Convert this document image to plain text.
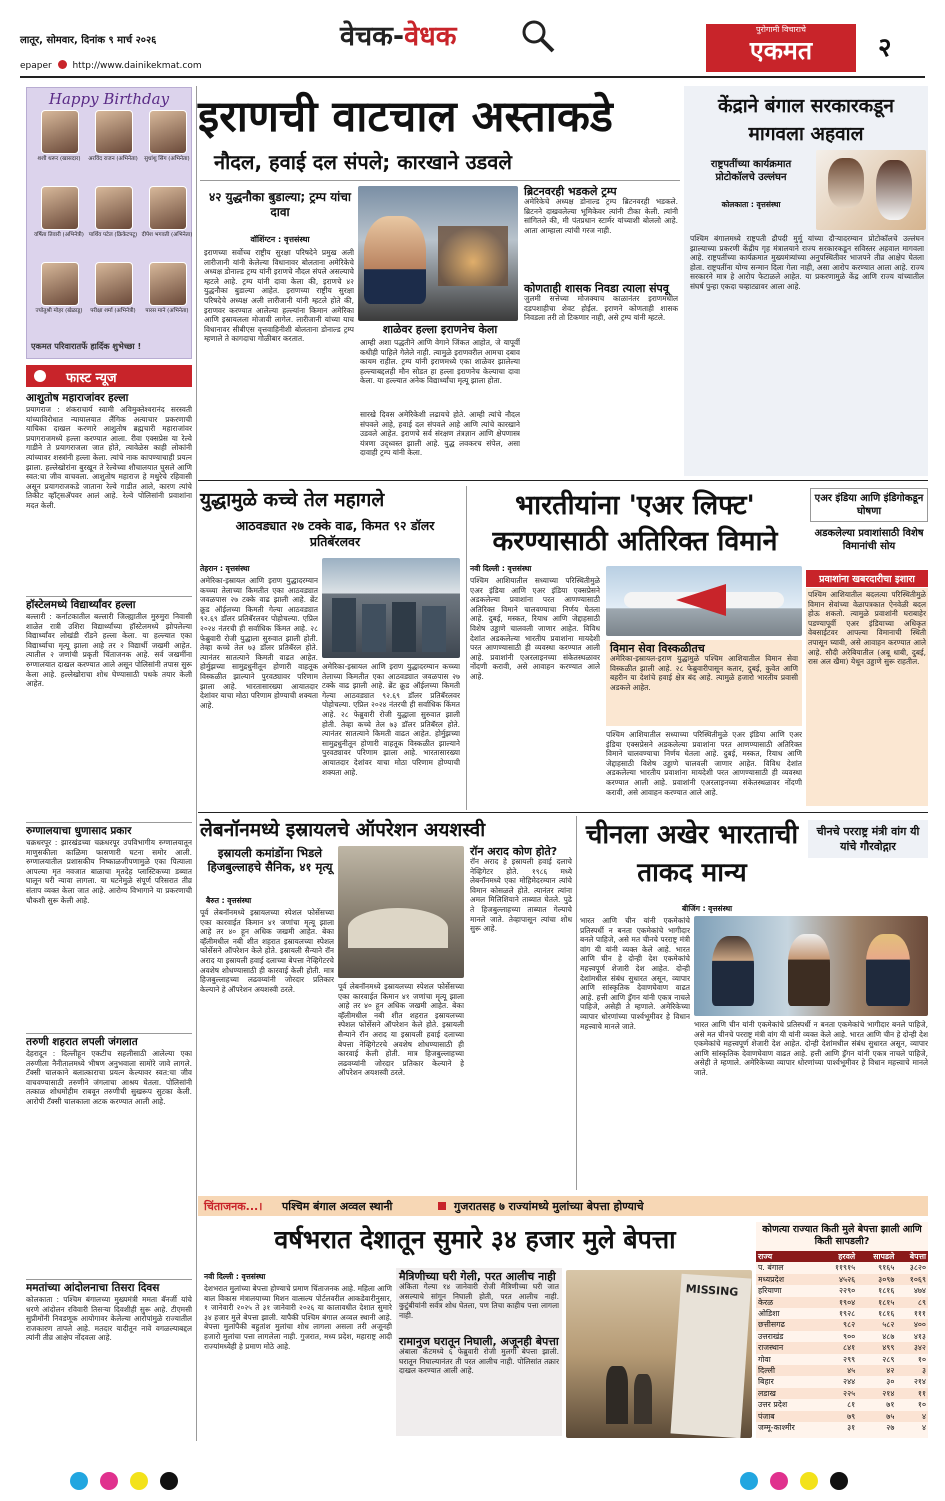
लातूर, सोमवार, दिनांक ९ मार्च २०२६
epaper http://www.dainikekmat.com
वेचक-वेधक	पुरोगामी विचाराचे
एकमत	२
Happy Birthday
एकमत परिवारातर्फे हार्दिक शुभेच्छा !
शशी थरूर (खासदार)	अरविंद राजन (अभिनेता)	सुधांशु सिंग (अभिनेता)
वर्षिता तिवारी (अभिनेत्री) पार्थिव पटेल (क्रिकेटपटू) दीपेश भगवती (अभिनेता)
ज्योतुश्री मोहर (खेळाडू)	परीक्षा शर्मा (अभिनेत्री)	पारस माने (अभिनेता)
फास्ट न्यूज
आशुतोष महाराजांवर हल्ला
प्रयागराज : शंकराचार्य स्वामी अविमुक्तेश्वरानंद सरस्वती यांच्याविरोधात न्यायालयात लैंगिक अत्याचार प्रकरणाची याचिका दाखल करणारे आशुतोष ब्रह्मचारी महाराजांवर प्रयागराजमध्ये हल्ला करण्यात आला. रीवा एक्सप्रेस या रेल्वे गाडीने ते प्रयागराजला जात होते, त्यावेळेस काही लोकांनी त्यांच्यावर शस्त्रांनी हल्ला केला. त्यांचे नाक कापण्याचाही प्रयत्न झाला. हल्लेखोरांना बुरखून ते रेल्वेच्या शौचालयात घुसले आणि स्वत:चा जीव वाचवला. आशुतोष महाराज हे मथुरेचे रहिवासी असून प्रयागराजकडे जाताना रेल्वे गाडीत आले, कारण त्यांचे तिकीट व्हॉट्सॲपवर आलं आहे. रेल्वे पोलिसांनी प्रवाशांना मदत केली.
हॉस्टेलमध्ये विद्यार्थ्यांवर हल्ला
बल्लारी : कर्नाटकातील बल्लारी जिल्ह्यातील मुरुमुरा निवासी शाळेत रात्री उशिरा विद्यार्थ्यांच्या हॉस्टेलमध्ये झोपलेल्या विद्यार्थ्यांवर लोखंडी रॉडने हल्ला केला. या हल्ल्यात एका विद्यार्थ्याचा मृत्यू झाला आहे तर २ विद्यार्थी जखमी आहेत. त्यातील २ जणांची प्रकृती चिंताजनक आहे. सर्व जखमींना रुग्णालयात दाखल करण्यात आले असून पोलिसांनी तपास सुरू केला आहे. हल्लेखोराचा शोध घेण्यासाठी पथके तयार केली आहेत.
रुग्णालयाचा धुणासाद प्रकार
चक्रधरपूर : झारखंडच्या चक्रधरपूर उपविभागीय रुग्णालयातून माणुसकीला काळिमा फासणारी घटना समोर आली. रुग्णालयातील प्रशासकीय निष्काळजीपणामुळे एका पित्याला आपल्या मृत नवजात बाळाचा मृतदेह प्लास्टिकच्या डब्यात घालून घरी न्यावा लागला. या घटनेमुळे संपूर्ण परिसरात तीव्र संताप व्यक्त केला जात आहे. आरोग्य विभागाने या प्रकरणाची चौकशी सुरू केली आहे.
तरुणी शहरात लपली जंगलात
देहरादून : दिल्लीहून एकटीच सहलीसाठी आलेल्या एका तरुणीला नैनीतालमध्ये भीषण अनुभवाला सामोरे जावे लागले. टॅक्सी चालकाने बलात्काराचा प्रयत्न केल्यावर स्वत:चा जीव वाचवण्यासाठी तरुणीने जंगलाचा आश्रय घेतला. पोलिसांनी तत्काळ शोधमोहीम राबवून तरुणीची सुखरूप सुटका केली. आरोपी टॅक्सी चालकाला अटक करण्यात आली आहे.
ममतांच्या आंदोलनाचा तिसरा दिवस
कोलकाता : पश्चिम बंगालच्या मुख्यमंत्री ममता बॅनर्जी यांचे धरणे आंदोलन रविवारी तिसऱ्या दिवशीही सुरू आहे. टीएमसी सुप्रीमोंनी निवडणूक आयोगावर केलेल्या आरोपांमुळे राज्यातील राजकारण तापले आहे. मतदार यादीतून नावे वगळल्याबद्दल त्यांनी तीव्र आक्षेप नोंदवला आहे.
इराणची वाटचाल अस्ताकडे
नौदल, हवाई दल संपले; कारखाने उडवले
४२ युद्धनौका बुडाल्या; ट्रम्प यांचा दावा
वॉशिंग्टन : वृत्तसंस्था
इराणच्या सर्वोच्च राष्ट्रीय सुरक्षा परिषदेने प्रमुख अली लारीजानी यांनी केलेल्या विधानावर बोलताना अमेरिकेचे अध्यक्ष डोनाल्ड ट्रम्प यांनी इराणचे नौदल संपले असल्याचे म्हटले आहे. ट्रम्प यांनी दावा केला की, इराणचे ४२ युद्धनौका बुडाल्या आहेत. इराणच्या राष्ट्रीय सुरक्षा परिषदेचे अध्यक्ष अली लारीजानी यांनी म्हटले होते की, इराणवर करण्यात आलेल्या हल्ल्यांना किमान अमेरिका आणि इस्रायलला मोजावी लागेल. लारीजानी यांच्या याच विधानावर सीबीएस वृत्तवाहिनीशी बोलताना डोनाल्ड ट्रम्प म्हणाले ते कागदाचा गोळीबार करतात.
शाळेवर हल्ला इराणनेच केला
आम्ही अशा पद्धतीने आणि वेगाने जिंकत आहोत, जे यापूर्वी कधीही पाहिले गेलेले नाही. त्यामुळे इराणवरील आमचा दबाव कायम राहील. ट्रम्प यांनी इराणमध्ये एका शाळेवर झालेल्या हल्ल्याबद्दलही मौन सोडत हा हल्ला इराणनेच केल्याचा दावा केला. या हल्ल्यात अनेक विद्यार्थ्यांचा मृत्यू झाला होता.
सारखे दिवस अमेरिकेशी लढायचे होते. आम्ही त्यांचे नौदल संपवले आहे, हवाई दल संपवले आहे आणि त्यांचे कारखाने उडवले आहेत. इराणचे सर्व संरक्षण तंत्रज्ञान आणि क्षेपणास्त्र यंत्रणा उद्ध्वस्त झाली आहे. युद्ध लवकरच संपेल, असा दावाही ट्रम्प यांनी केला.
ब्रिटनवरही भडकले ट्रम्प
अमेरिकेचे अध्यक्ष डोनाल्ड ट्रम्प ब्रिटनवरही भडकले. ब्रिटनने दाखवलेल्या भूमिकेवर त्यांनी टीका केली. त्यांनी सांगितले की, मी पंतप्रधान स्टार्मर यांच्याशी बोललो आहे. आता आम्हाला त्यांची गरज नाही.
कोणताही शासक निवडा त्याला संपवू
जुलमी सत्तेच्या मोजक्याच काळानंतर इराणमधील दडपशाहीचा शेवट होईल. इराणने कोणताही शासक निवडला तरी तो टिकणार नाही, असे ट्रम्प यांनी म्हटले.
केंद्राने बंगाल सरकारकडून मागवला अहवाल
राष्ट्रपतींच्या कार्यक्रमात प्रोटोकॉलचे उल्लंघन
कोलकाता : वृत्तसंस्था
पश्चिम बंगालमध्ये राष्ट्रपती द्रौपदी मुर्मू यांच्या दौऱ्यादरम्यान प्रोटोकॉलचे उल्लंघन झाल्याच्या प्रकरणी केंद्रीय गृह मंत्रालयाने राज्य सरकारकडून सविस्तर अहवाल मागवला आहे. राष्ट्रपतींच्या कार्यक्रमात मुख्यमंत्र्यांच्या अनुपस्थितीवर भाजपने तीव्र आक्षेप घेतला होता. राष्ट्रपतींना योग्य सन्मान दिला गेला नाही, असा आरोप करण्यात आला आहे. राज्य सरकारने मात्र हे आरोप फेटाळले आहेत. या प्रकरणामुळे केंद्र आणि राज्य यांच्यातील संघर्ष पुन्हा एकदा चव्हाट्यावर आला आहे.
युद्धामुळे कच्चे तेल महागले
आठवड्यात २७ टक्के वाढ, किमत ९२ डॉलर प्रतिबॅरलवर
तेहरान : वृत्तसंस्था
अमेरिका-इस्रायल आणि इराण युद्धादरम्यान कच्च्या तेलाच्या किमतीत एका आठवड्यात जवळपास २७ टक्के वाढ झाली आहे. ब्रेंट क्रूड ऑईलच्या किमती गेल्या आठवड्यात ९२.६९ डॉलर प्रतिबॅरलवर पोहोचल्या. एप्रिल २०२४ नंतरची ही सर्वाधिक किंमत आहे. २८ फेब्रुवारी रोजी युद्धाला सुरुवात झाली होती. तेव्हा कच्चे तेल ७३ डॉलर प्रतिबॅरल होते. त्यानंतर सातत्याने किमती वाढत आहेत. होर्मुझच्या सामुद्रधुनीतून होणारी वाहतूक विस्कळीत झाल्याने पुरवठ्यावर परिणाम झाला आहे. भारतासारख्या आयातदार देशांवर याचा मोठा परिणाम होण्याची शक्यता आहे.
अमेरिका-इस्रायल आणि इराण युद्धादरम्यान कच्च्या तेलाच्या किमतीत एका आठवड्यात जवळपास २७ टक्के वाढ झाली आहे. ब्रेंट क्रूड ऑईलच्या किमती गेल्या आठवड्यात ९२.६९ डॉलर प्रतिबॅरलवर पोहोचल्या. एप्रिल २०२४ नंतरची ही सर्वाधिक किंमत आहे. २८ फेब्रुवारी रोजी युद्धाला सुरुवात झाली होती. तेव्हा कच्चे तेल ७३ डॉलर प्रतिबॅरल होते. त्यानंतर सातत्याने किमती वाढत आहेत. होर्मुझच्या सामुद्रधुनीतून होणारी वाहतूक विस्कळीत झाल्याने पुरवठ्यावर परिणाम झाला आहे. भारतासारख्या आयातदार देशांवर याचा मोठा परिणाम होण्याची शक्यता आहे.
भारतीयांना 'एअर लिफ्ट' करण्यासाठी अतिरिक्त विमाने
एअर इंडिया आणि इंडिगोकडून घोषणा
अडकलेल्या प्रवाशांसाठी विशेष विमानांची सोय
नवी दिल्ली : वृत्तसंस्था
पश्चिम आशियातील सध्याच्या परिस्थितीमुळे एअर इंडिया आणि एअर इंडिया एक्सप्रेसने अडकलेल्या प्रवाशांना परत आणण्यासाठी अतिरिक्त विमाने चालवण्याचा निर्णय घेतला आहे. दुबई, मस्कत, रियाध आणि जेद्दाहसाठी विशेष उड्डाणे चालवली जाणार आहेत. विविध देशांत अडकलेल्या भारतीय प्रवाशांना मायदेशी परत आणण्यासाठी ही व्यवस्था करण्यात आली आहे. प्रवाशांनी एअरलाइनच्या संकेतस्थळावर नोंदणी करावी, असे आवाहन करण्यात आले आहे.
विमान सेवा विस्कळीतच
अमेरिका-इस्रायल-इराण युद्धामुळे पश्चिम आशियातील विमान सेवा विस्कळीत झाली आहे. २८ फेब्रुवारीपासून कतार, दुबई, कुवेत आणि बहरीन या देशांचे हवाई क्षेत्र बंद आहे. त्यामुळे हजारो भारतीय प्रवासी अडकले आहेत.
पश्चिम आशियातील सध्याच्या परिस्थितीमुळे एअर इंडिया आणि एअर इंडिया एक्सप्रेसने अडकलेल्या प्रवाशांना परत आणण्यासाठी अतिरिक्त विमाने चालवण्याचा निर्णय घेतला आहे. दुबई, मस्कत, रियाध आणि जेद्दाहसाठी विशेष उड्डाणे चालवली जाणार आहेत. विविध देशांत अडकलेल्या भारतीय प्रवाशांना मायदेशी परत आणण्यासाठी ही व्यवस्था करण्यात आली आहे. प्रवाशांनी एअरलाइनच्या संकेतस्थळावर नोंदणी करावी, असे आवाहन करण्यात आले आहे.
प्रवाशांना खबरदारीचा इशारा
पश्चिम आशियातील बदलत्या परिस्थितीमुळे विमान सेवांच्या वेळापत्रकात ऐनवेळी बदल होऊ शकतो. त्यामुळे प्रवाशांनी घराबाहेर पडण्यापूर्वी एअर इंडियाच्या अधिकृत वेबसाईटवर आपल्या विमानाची स्थिती तपासून घ्यावी, असे आवाहन करण्यात आले आहे. सौदी अरेबियातील (अबू धाबी, दुबई, रास अल खैमा) येथून उड्डाणे सुरू राहतील.
लेबनॉनमध्ये इस्रायलचे ऑपरेशन अयशस्वी
इस्रायली कमांडोंना भिडले हिजबुल्लाहचे सैनिक, ४१ मृत्यू
बैरुत : वृत्तसंस्था
पूर्व लेबनॉनमध्ये इस्रायलच्या स्पेशल फोर्सेसच्या एका कारवाईत किमान ४१ जणांचा मृत्यू झाला आहे तर ४० हून अधिक जखमी आहेत. बेका व्हॅलीमधील नबी शीत शहरात इस्रायलच्या स्पेशल फोर्सेसने ऑपरेशन केले होते. इस्रायली सैन्याने रॉन अराद या इस्रायली हवाई दलाच्या बेपत्ता नेव्हिगेटरचे अवशेष शोधण्यासाठी ही कारवाई केली होती. मात्र हिजबुल्लाहच्या लढवय्यांनी जोरदार प्रतिकार केल्याने हे ऑपरेशन अयशस्वी ठरले.	पूर्व लेबनॉनमध्ये इस्रायलच्या स्पेशल फोर्सेसच्या एका कारवाईत किमान ४१ जणांचा मृत्यू झाला आहे तर ४० हून अधिक जखमी आहेत. बेका व्हॅलीमधील नबी शीत शहरात इस्रायलच्या स्पेशल फोर्सेसने ऑपरेशन केले होते. इस्रायली सैन्याने रॉन अराद या इस्रायली हवाई दलाच्या बेपत्ता नेव्हिगेटरचे अवशेष शोधण्यासाठी ही कारवाई केली होती. मात्र हिजबुल्लाहच्या लढवय्यांनी जोरदार प्रतिकार केल्याने हे ऑपरेशन अयशस्वी ठरले.
रॉन अराद कोण होते?
रॉन अराद हे इस्रायली हवाई दलाचे नेव्हिगेटर होते. १९८६ मध्ये लेबनॉनमध्ये एका मोहिमेदरम्यान त्यांचे विमान कोसळले होते. त्यानंतर त्यांना अमल मिलिशियाने ताब्यात घेतले. पुढे ते हिजबुल्लाहच्या ताब्यात गेल्याचे मानले जाते. तेव्हापासून त्यांचा शोध सुरू आहे.
चीनला अखेर भारताची ताकद मान्य
चीनचे परराष्ट्र मंत्री वांग यी यांचे गौरवोद्गार
बीजिंग : वृत्तसंस्था
भारत आणि चीन यांनी एकमेकांचे प्रतिस्पर्धी न बनता एकमेकांचे भागीदार बनले पाहिजे, असे मत चीनचे परराष्ट्र मंत्री वांग यी यांनी व्यक्त केले आहे. भारत आणि चीन हे दोन्ही देश एकमेकांचे महत्त्वपूर्ण शेजारी देश आहेत. दोन्ही देशांमधील संबंध सुधारत असून, व्यापार आणि सांस्कृतिक देवाणघेवाण वाढत आहे. हत्ती आणि ड्रॅगन यांनी एकत्र नाचले पाहिजे, असेही ते म्हणाले. अमेरिकेच्या व्यापार धोरणांच्या पार्श्वभूमीवर हे विधान महत्त्वाचे मानले जाते.	भारत आणि चीन यांनी एकमेकांचे प्रतिस्पर्धी न बनता एकमेकांचे भागीदार बनले पाहिजे, असे मत चीनचे परराष्ट्र मंत्री वांग यी यांनी व्यक्त केले आहे. भारत आणि चीन हे दोन्ही देश एकमेकांचे महत्त्वपूर्ण शेजारी देश आहेत. दोन्ही देशांमधील संबंध सुधारत असून, व्यापार आणि सांस्कृतिक देवाणघेवाण वाढत आहे. हत्ती आणि ड्रॅगन यांनी एकत्र नाचले पाहिजे, असेही ते म्हणाले. अमेरिकेच्या व्यापार धोरणांच्या पार्श्वभूमीवर हे विधान महत्त्वाचे मानले जाते.
चिंताजनक...। पश्चिम बंगाल अव्वल स्थानी	गुजरातसह ७ राज्यांमध्ये मुलांच्या बेपत्ता होण्याचे
वर्षभरात देशातून सुमारे ३४ हजार मुले बेपत्ता
नवी दिल्ली : वृत्तसंस्था
देशभरात मुलांच्या बेपत्ता होण्याचे प्रमाण चिंताजनक आहे. महिला आणि बाल विकास मंत्रालयाच्या मिशन वात्सल्य पोर्टलवरील आकडेवारीनुसार, १ जानेवारी २०२५ ते ३१ जानेवारी २०२६ या कालावधीत देशात सुमारे ३४ हजार मुले बेपत्ता झाली. यापैकी पश्चिम बंगाल अव्वल स्थानी आहे. बेपत्ता मुलांपैकी बहुतांश मुलांचा शोध लागला असला तरी अजूनही हजारो मुलांचा पत्ता लागलेला नाही. गुजरात, मध्य प्रदेश, महाराष्ट्र आदी राज्यांमध्येही हे प्रमाण मोठे आहे.
मैत्रिणीच्या घरी गेली, परत आलीच नाही
अंकिता गेल्या १४ जानेवारी रोजी मैत्रिणीच्या घरी जात असल्याचे सांगून निघाली होती, परत आलीच नाही. कुटुंबीयांनी सर्वत्र शोध घेतला, पण तिचा काहीच पत्ता लागला नाही.
रामानुज घरातून निघाली, अजूनही बेपत्ता
अंबाला कँटमध्ये ६ फेब्रुवारी रोजी मुलगी बेपत्ता झाली. घरातून निघाल्यानंतर ती परत आलीच नाही. पोलिसांत तक्रार दाखल करण्यात आली आहे.
MISSING
कोणत्या राज्यात किती मुले बेपत्ता झाली आणि किती सापडली?
राज्य	हरवले	सापडले	बेपत्ता
प. बंगाल	११९१५	९१६५	३८२०
मध्यप्रदेश	४५२६	३०९७	१०६९
हरियाणा	२२९०	१८१६	४७४
केरळ	१९०४	१८१५	८९
ओडिशा	१९२८	१८१६	१११
छत्तीसगढ	९८२	५८२	४००
उत्तराखंड	९००	४८७	४१३
राजस्थान	८४१	४९९	३४२
गोवा	२९९	२८९	१०
दिल्ली	४५	४२	३
बिहार	२४४	३०	२१४
लडाख	२२५	२१४	११
उत्तर प्रदेश	८१	७१	१०
पंजाब	७९	७५	४
जम्मू-काश्मीर	३१	२७	४
